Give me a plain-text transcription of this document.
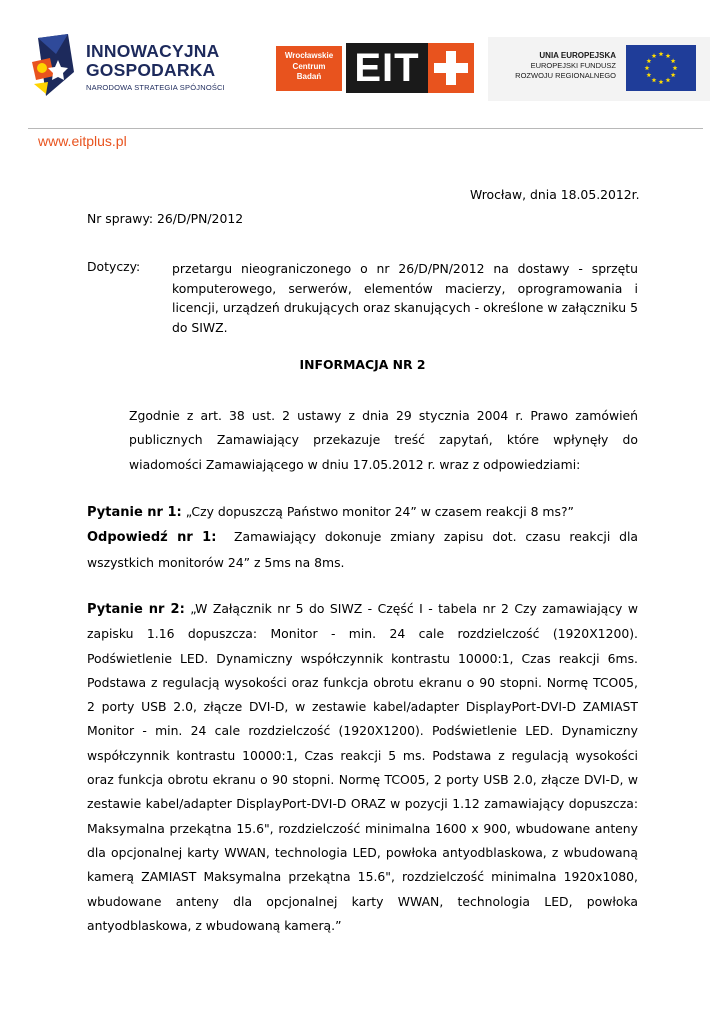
INNOWACYJNA
GOSPODARKA
NARODOWA STRATEGIA SPÓJNOŚCI
Wrocławskie
Centrum
Badań EIT	UNIA EUROPEJSKA
EUROPEJSKI FUNDUSZ
ROZWOJU REGIONALNEGO
www.eitplus.pl
Wrocław, dnia 18.05.2012r.
Nr sprawy: 26/D/PN/2012
Dotyczy:	przetargu nieograniczonego o nr 26/D/PN/2012 na dostawy - sprzętu komputerowego, serwerów, elementów macierzy, oprogramowania i licencji, urządzeń drukujących oraz skanujących - określone w załączniku 5 do SIWZ.
INFORMACJA NR 2
Zgodnie z art. 38 ust. 2 ustawy z dnia 29 stycznia 2004 r. Prawo zamówień publicznych Zamawiający przekazuje treść zapytań, które wpłynęły do wiadomości Zamawiającego w dniu 17.05.2012 r. wraz z odpowiedziami:
Pytanie nr 1: „Czy dopuszczą Państwo monitor 24” w czasem reakcji 8 ms?”
Odpowiedź nr 1: Zamawiający dokonuje zmiany zapisu dot. czasu reakcji dla wszystkich monitorów 24” z 5ms na 8ms.
Pytanie nr 2: „W Załącznik nr 5 do SIWZ - Część I - tabela nr 2 Czy zamawiający w zapisku 1.16 dopuszcza: Monitor - min. 24 cale rozdzielczość (1920X1200). Podświetlenie LED. Dynamiczny współczynnik kontrastu 10000:1, Czas reakcji 6ms. Podstawa z regulacją wysokości oraz funkcja obrotu ekranu o 90 stopni. Normę TCO05, 2 porty USB 2.0, złącze DVI-D, w zestawie kabel/adapter DisplayPort-DVI-D ZAMIAST Monitor - min. 24 cale rozdzielczość (1920X1200). Podświetlenie LED. Dynamiczny współczynnik kontrastu 10000:1, Czas reakcji 5 ms. Podstawa z regulacją wysokości oraz funkcja obrotu ekranu o 90 stopni. Normę TCO05, 2 porty USB 2.0, złącze DVI-D, w zestawie kabel/adapter DisplayPort-DVI-D ORAZ w pozycji 1.12 zamawiający dopuszcza: Maksymalna przekątna 15.6", rozdzielczość minimalna 1600 x 900, wbudowane anteny dla opcjonalnej karty WWAN, technologia LED, powłoka antyodblaskowa, z wbudowaną kamerą ZAMIAST Maksymalna przekątna 15.6", rozdzielczość minimalna 1920x1080, wbudowane anteny dla opcjonalnej karty WWAN, technologia LED, powłoka antyodblaskowa, z wbudowaną kamerą.”
